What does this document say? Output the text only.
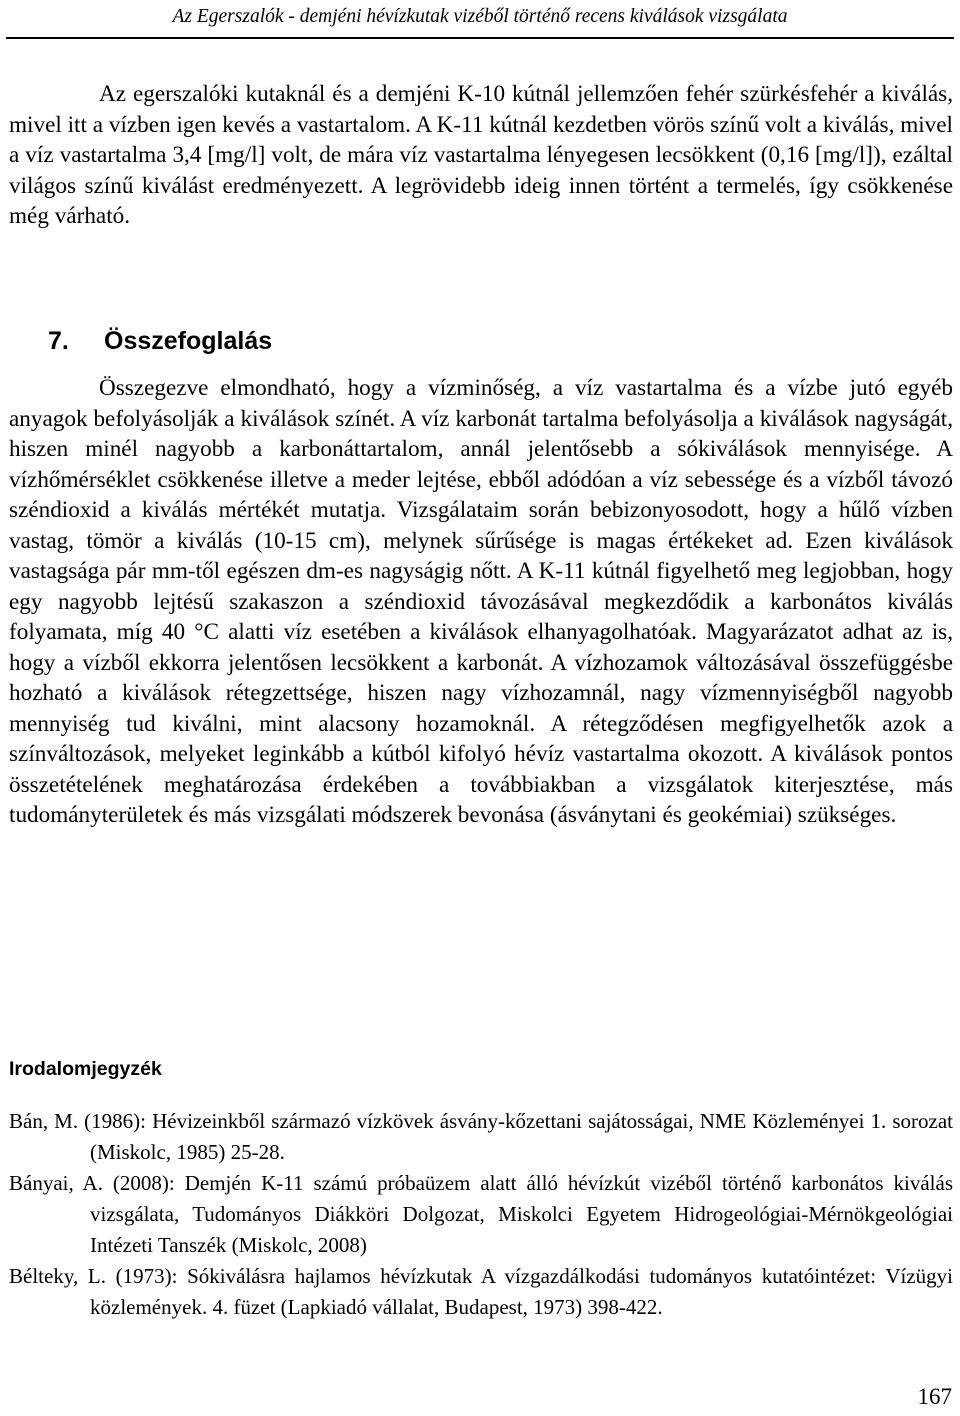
Az Egerszalók - demjéni hévízkutak vizéből történő recens kiválások vizsgálata

Az egerszalóki kutaknál és a demjéni K-10 kútnál jellemzően fehér szürkésfehér a kiválás, mivel itt a vízben igen kevés a vastartalom. A K-11 kútnál kezdetben vörös színű volt a kiválás, mivel a víz vastartalma 3,4 [mg/l] volt, de mára víz vastartalma lényegesen lecsökkent (0,16 [mg/l]), ezáltal világos színű kiválást eredményezett. A legrövidebb ideig innen történt a termelés, így csökkenése még várható.

7. Összefoglalás

Összegezve elmondható, hogy a vízminőség, a víz vastartalma és a vízbe jutó egyéb anyagok befolyásolják a kiválások színét. A víz karbonát tartalma befolyásolja a kiválások nagyságát, hiszen minél nagyobb a karbonáttartalom, annál jelentősebb a sókiválások mennyisége. A vízhőmérséklet csökkenése illetve a meder lejtése, ebből adódóan a víz sebessége és a vízből távozó széndioxid a kiválás mértékét mutatja. Vizsgálataim során bebizonyosodott, hogy a hűlő vízben vastag, tömör a kiválás (10-15 cm), melynek sűrűsége is magas értékeket ad. Ezen kiválások vastagsága pár mm-től egészen dm-es nagyságig nőtt. A K-11 kútnál figyelhető meg legjobban, hogy egy nagyobb lejtésű szakaszon a széndioxid távozásával megkezdődik a karbonátos kiválás folyamata, míg 40 °C alatti víz esetében a kiválások elhanyagolhatóak. Magyarázatot adhat az is, hogy a vízből ekkorra jelentősen lecsökkent a karbonát. A vízhozamok változásával összefüggésbe hozható a kiválások rétegzettsége, hiszen nagy vízhozamnál, nagy vízmennyiségből nagyobb mennyiség tud kiválni, mint alacsony hozamoknál. A rétegződésen megfigyelhetők azok a színváltozások, melyeket leginkább a kútból kifolyó hévíz vastartalma okozott. A kiválások pontos összetételének meghatározása érdekében a továbbiakban a vizsgálatok kiterjesztése, más tudományterületek és más vizsgálati módszerek bevonása (ásványtani és geokémiai) szükséges.

Irodalomjegyzék
Bán, M. (1986): Hévizeinkből származó vízkövek ásvány-kőzettani sajátosságai, NME Közleményei 1. sorozat (Miskolc, 1985) 25-28.
Bányai, A. (2008): Demjén K-11 számú próbaüzem alatt álló hévízkút vizéből történő karbonátos kiválás vizsgálata, Tudományos Diákköri Dolgozat, Miskolci Egyetem Hidrogeológiai-Mérnökgeológiai Intézeti Tanszék (Miskolc, 2008)
Bélteky, L. (1973): Sókiválásra hajlamos hévízkutak A vízgazdálkodási tudományos kutatóintézet: Vízügyi közlemények. 4. füzet (Lapkiadó vállalat, Budapest, 1973) 398-422.
167
